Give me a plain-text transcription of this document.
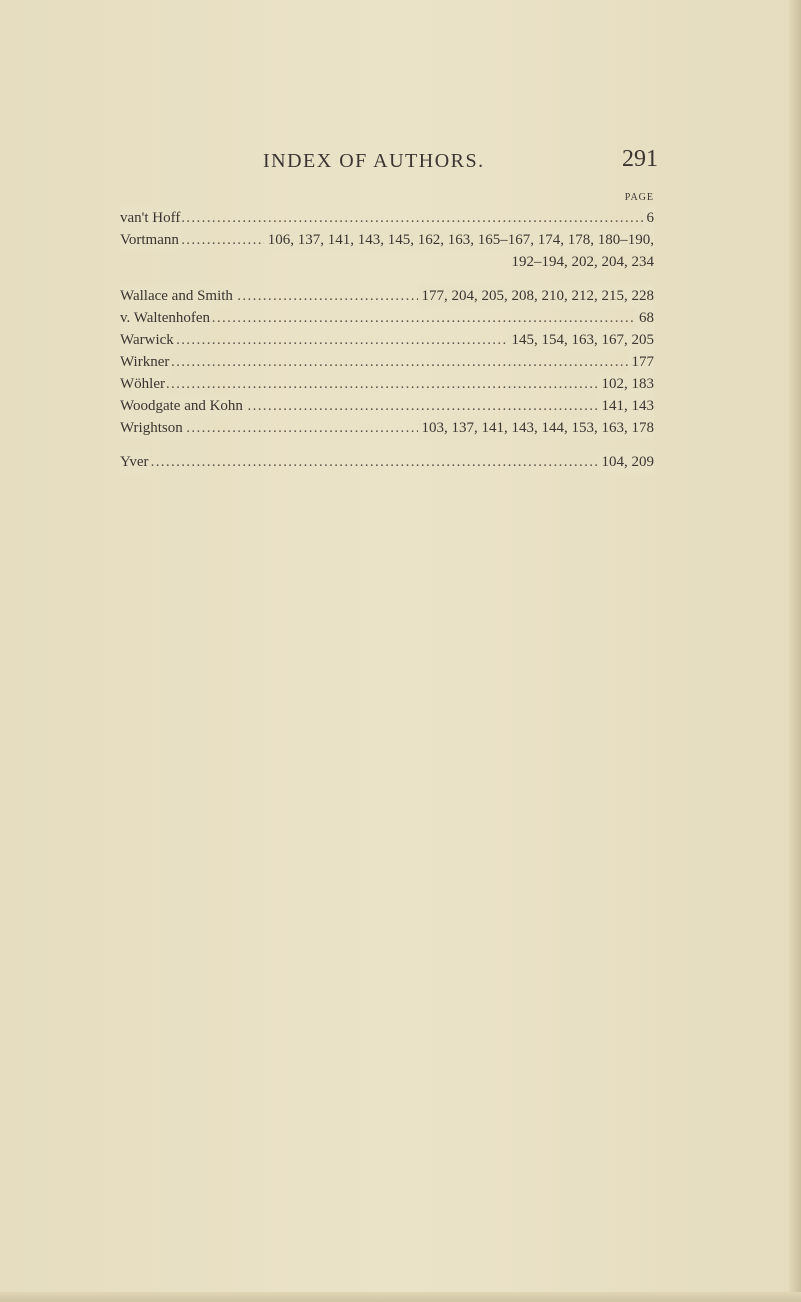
INDEX OF AUTHORS.	291
PAGE
. . .
van't Hoff	6
. . .
Vortmann	106, 137, 141, 143, 145, 162, 163, 165–167, 174, 178, 180–190,
192–194, 202, 204, 234
. . .
Wallace and Smith	177, 204, 205, 208, 210, 212, 215, 228
. . .
v. Waltenhofen	68
. . .
Warwick	145, 154, 163, 167, 205
. . .
Wirkner	177
. . .
Wöhler	102, 183
. . .
Woodgate and Kohn	141, 143
. . .
Wrightson	103, 137, 141, 143, 144, 153, 163, 178
. . .
Yver	104, 209
